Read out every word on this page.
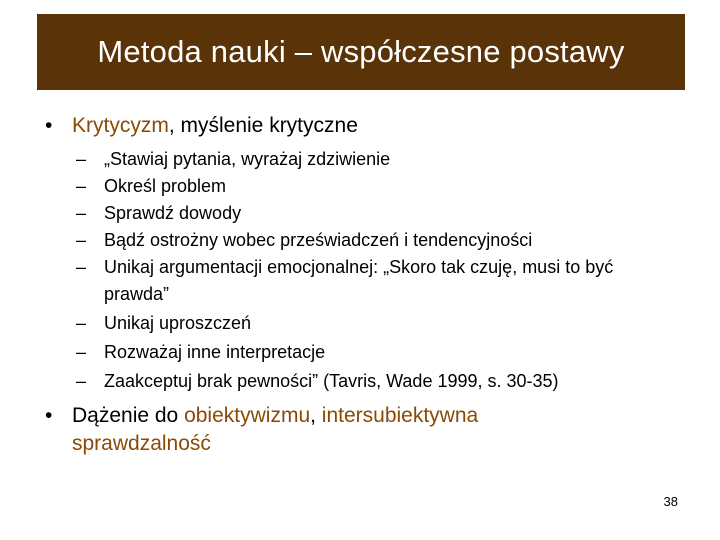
Metoda nauki – współczesne postawy
• Krytycyzm, myślenie krytyczne
– „Stawiaj pytania, wyrażaj zdziwienie
– Określ problem
– Sprawdź dowody
– Bądź ostrożny wobec przeświadczeń i tendencyjności
– Unikaj argumentacji emocjonalnej: „Skoro tak czuję, musi to być
prawda”
– Unikaj uproszczeń
– Rozważaj inne interpretacje
– Zaakceptuj brak pewności” (Tavris, Wade 1999, s. 30-35)
• Dążenie do obiektywizmu, intersubiektywna
sprawdzalność
38
